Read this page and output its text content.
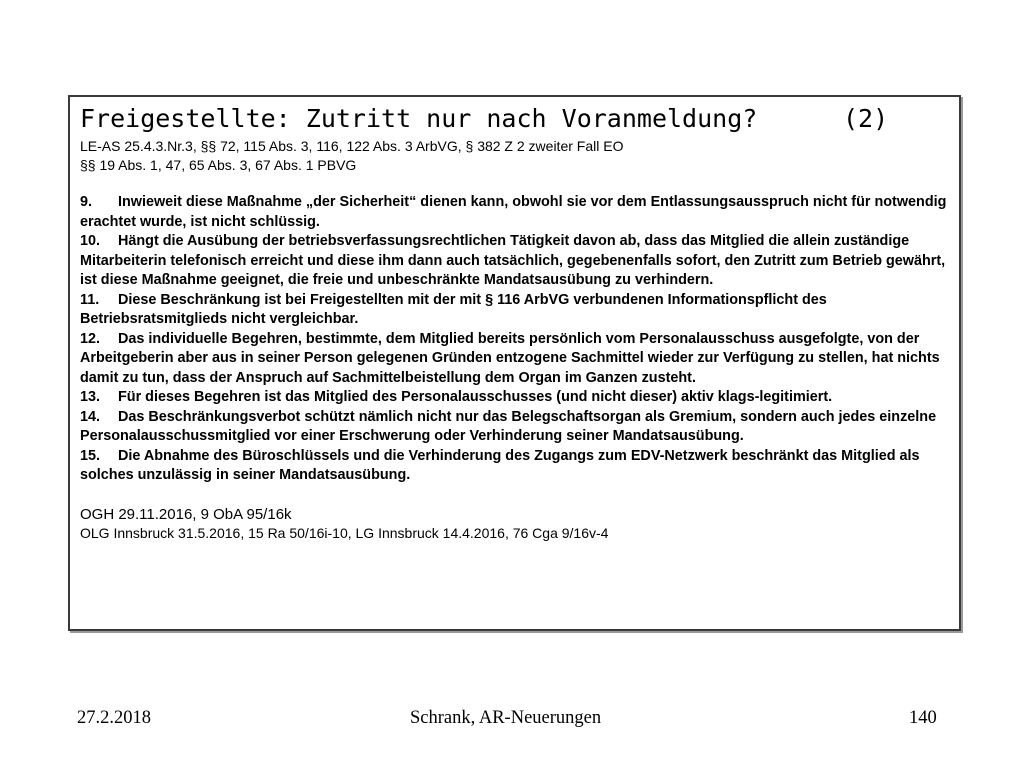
Freigestellte: Zutritt nur nach Voranmeldung?	(2)
LE-AS 25.4.3.Nr.3, §§ 72, 115 Abs. 3, 116, 122 Abs. 3 ArbVG, § 382 Z 2 zweiter Fall EO
§§ 19 Abs. 1, 47, 65 Abs. 3, 67 Abs. 1 PBVG

9. Inwieweit diese Maßnahme „der Sicherheit“ dienen kann, obwohl sie vor dem Entlassungsausspruch nicht für notwendig erachtet wurde, ist nicht schlüssig.

10. Hängt die Ausübung der betriebsverfassungsrechtlichen Tätigkeit davon ab, dass das Mitglied die allein zuständige Mitarbeiterin telefonisch erreicht und diese ihm dann auch tatsächlich, gegebenenfalls sofort, den Zutritt zum Betrieb gewährt, ist diese Maßnahme geeignet, die freie und unbeschränkte Mandatsausübung zu verhindern.

11. Diese Beschränkung ist bei Freigestellten mit der mit § 116 ArbVG verbundenen Informationspflicht des Betriebsratsmitglieds nicht vergleichbar.

12. Das individuelle Begehren, bestimmte, dem Mitglied bereits persönlich vom Personalausschuss ausgefolgte, von der Arbeitgeberin aber aus in seiner Person gelegenen Gründen entzogene Sachmittel wieder zur Verfügung zu stellen, hat nichts damit zu tun, dass der Anspruch auf Sachmittelbeistellung dem Organ im Ganzen zusteht.

13. Für dieses Begehren ist das Mitglied des Personalausschusses (und nicht dieser) aktiv klags-legitimiert.

14. Das Beschränkungsverbot schützt nämlich nicht nur das Belegschaftsorgan als Gremium, sondern auch jedes einzelne Personalausschussmitglied vor einer Erschwerung oder Verhinderung seiner Mandatsausübung.

15. Die Abnahme des Büroschlüssels und die Verhinderung des Zugangs zum EDV-Netzwerk beschränkt das Mitglied als solches unzulässig in seiner Mandatsausübung.

OGH 29.11.2016, 9 ObA 95/16k
OLG Innsbruck 31.5.2016, 15 Ra 50/16i-10, LG Innsbruck 14.4.2016, 76 Cga 9/16v-4
27.2.2018	Schrank, AR-Neuerungen	140
